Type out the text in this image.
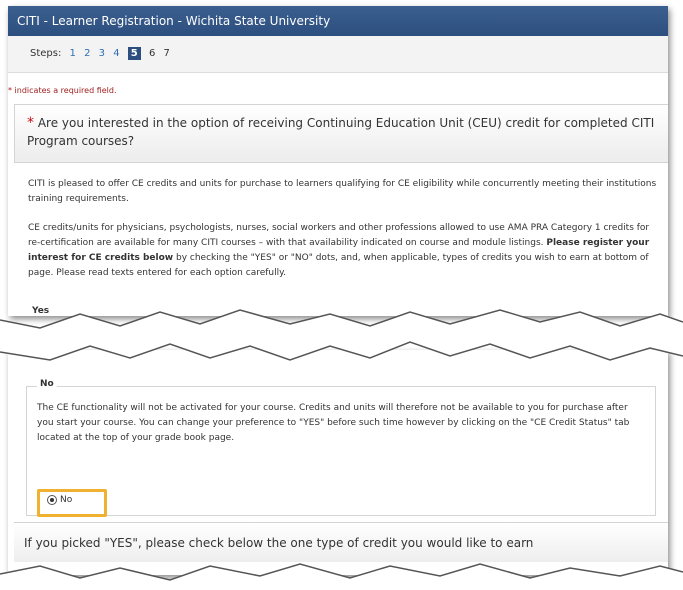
CITI - Learner Registration - Wichita State University
Steps: 1 2 3 4 5 6 7
* indicates a required field.
* Are you interested in the option of receiving Continuing Education Unit (CEU) credit for completed CITI Program courses?

CITI is pleased to offer CE credits and units for purchase to learners qualifying for CE eligibility while concurrently meeting their institutions training requirements.

CE credits/units for physicians, psychologists, nurses, social workers and other professions allowed to use AMA PRA Category 1 credits for re-certification are available for many CITI courses – with that availability indicated on course and module listings. Please register your interest for CE credits below by checking the "YES" or "NO" dots, and, when applicable, types of credits you wish to earn at bottom of page. Please read texts entered for each option carefully.

Yes
No
The CE functionality will not be activated for your course. Credits and units will therefore not be available to you for purchase after you start your course. You can change your preference to "YES" before such time however by clicking on the "CE Credit Status" tab located at the top of your grade book page.
No
If you picked "YES", please check below the one type of credit you would like to earn
